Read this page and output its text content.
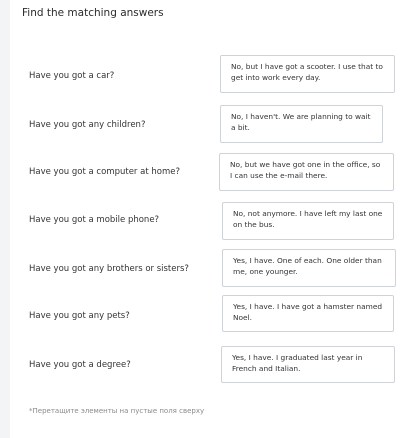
Find the matching answers
Have you got a car?
Have you got any children?
Have you got a computer at home?
Have you got a mobile phone?
Have you got any brothers or sisters?
Have you got any pets?
Have you got a degree?
No, but I have got a scooter. I use that to get into work every day.
No, I haven't. We are planning to wait a bit.
No, but we have got one in the office, so I can use the e-mail there.
No, not anymore. I have left my last one on the bus.
Yes, I have. One of each. One older than me, one younger.
Yes, I have. I have got a hamster named Noel.
Yes, I have. I graduated last year in French and Italian.
*Перетащите элементы на пустые поля сверху
